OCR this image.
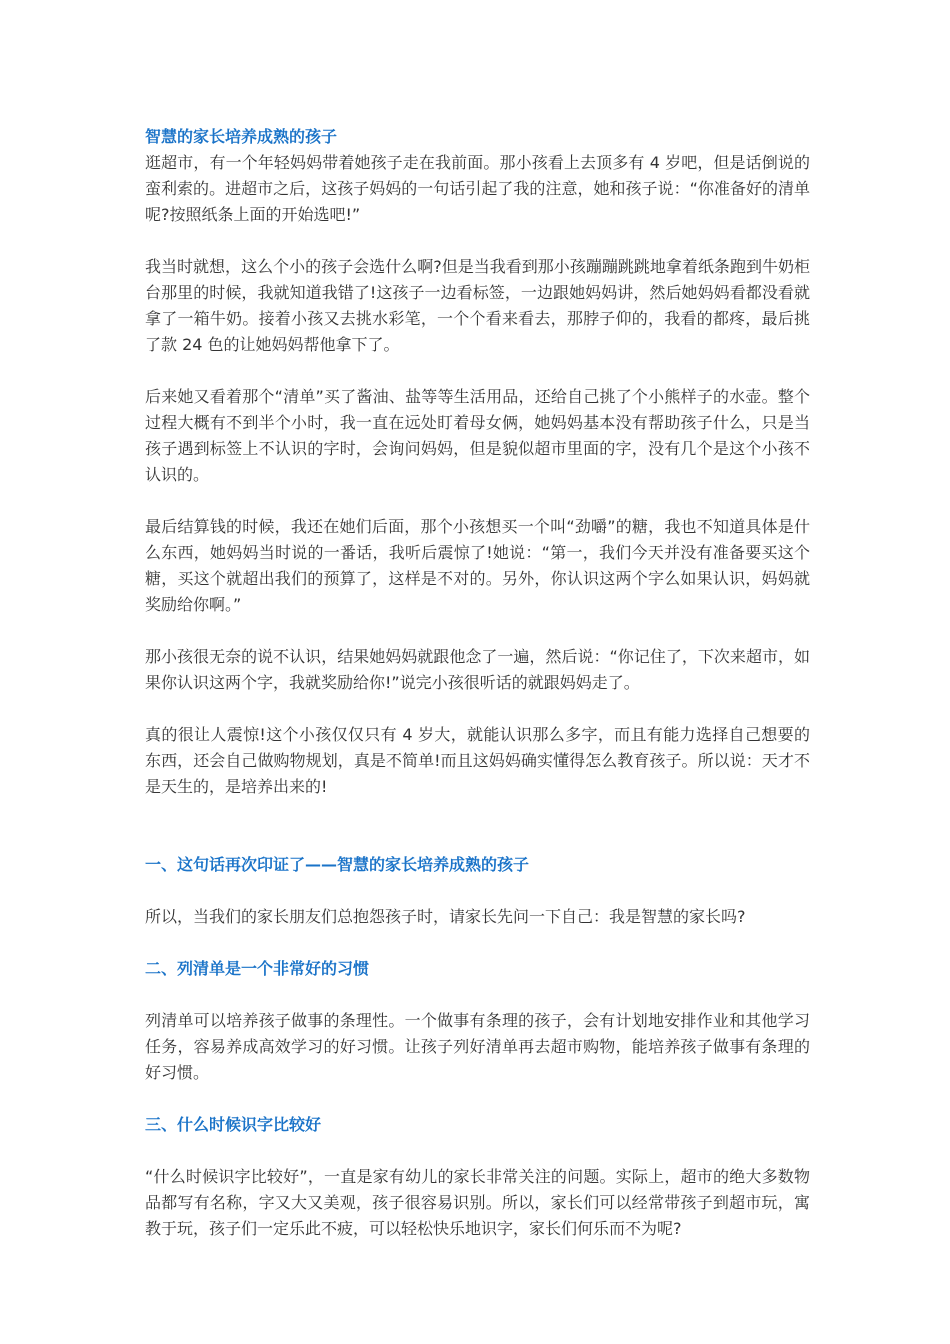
智慧的家长培养成熟的孩子

逛超市，有一个年轻妈妈带着她孩子走在我前面。那小孩看上去顶多有 4 岁吧，但是话倒说的蛮利索的。进超市之后，这孩子妈妈的一句话引起了我的注意，她和孩子说：“你准备好的清单呢?按照纸条上面的开始选吧!”

我当时就想，这么个小的孩子会选什么啊?但是当我看到那小孩蹦蹦跳跳地拿着纸条跑到牛奶柜台那里的时候，我就知道我错了!这孩子一边看标签，一边跟她妈妈讲，然后她妈妈看都没看就拿了一箱牛奶。接着小孩又去挑水彩笔，一个个看来看去，那脖子仰的，我看的都疼，最后挑了款 24 色的让她妈妈帮他拿下了。

后来她又看着那个“清单”买了酱油、盐等等生活用品，还给自己挑了个小熊样子的水壶。整个过程大概有不到半个小时，我一直在远处盯着母女俩，她妈妈基本没有帮助孩子什么，只是当孩子遇到标签上不认识的字时，会询问妈妈，但是貌似超市里面的字，没有几个是这个小孩不认识的。

最后结算钱的时候，我还在她们后面，那个小孩想买一个叫“劲嚼”的糖，我也不知道具体是什么东西，她妈妈当时说的一番话，我听后震惊了!她说：“第一，我们今天并没有准备要买这个糖，买这个就超出我们的预算了，这样是不对的。另外，你认识这两个字么如果认识，妈妈就奖励给你啊。”

那小孩很无奈的说不认识，结果她妈妈就跟他念了一遍，然后说：“你记住了，下次来超市，如果你认识这两个字，我就奖励给你!”说完小孩很听话的就跟妈妈走了。

真的很让人震惊!这个小孩仅仅只有 4 岁大，就能认识那么多字，而且有能力选择自己想要的东西，还会自己做购物规划，真是不简单!而且这妈妈确实懂得怎么教育孩子。所以说：天才不是天生的，是培养出来的!

一、这句话再次印证了——智慧的家长培养成熟的孩子

所以，当我们的家长朋友们总抱怨孩子时，请家长先问一下自己：我是智慧的家长吗?

二、列清单是一个非常好的习惯

列清单可以培养孩子做事的条理性。一个做事有条理的孩子，会有计划地安排作业和其他学习任务，容易养成高效学习的好习惯。让孩子列好清单再去超市购物，能培养孩子做事有条理的好习惯。

三、什么时候识字比较好

“什么时候识字比较好”，一直是家有幼儿的家长非常关注的问题。实际上，超市的绝大多数物品都写有名称，字又大又美观，孩子很容易识别。所以，家长们可以经常带孩子到超市玩，寓教于玩，孩子们一定乐此不疲，可以轻松快乐地识字，家长们何乐而不为呢?
